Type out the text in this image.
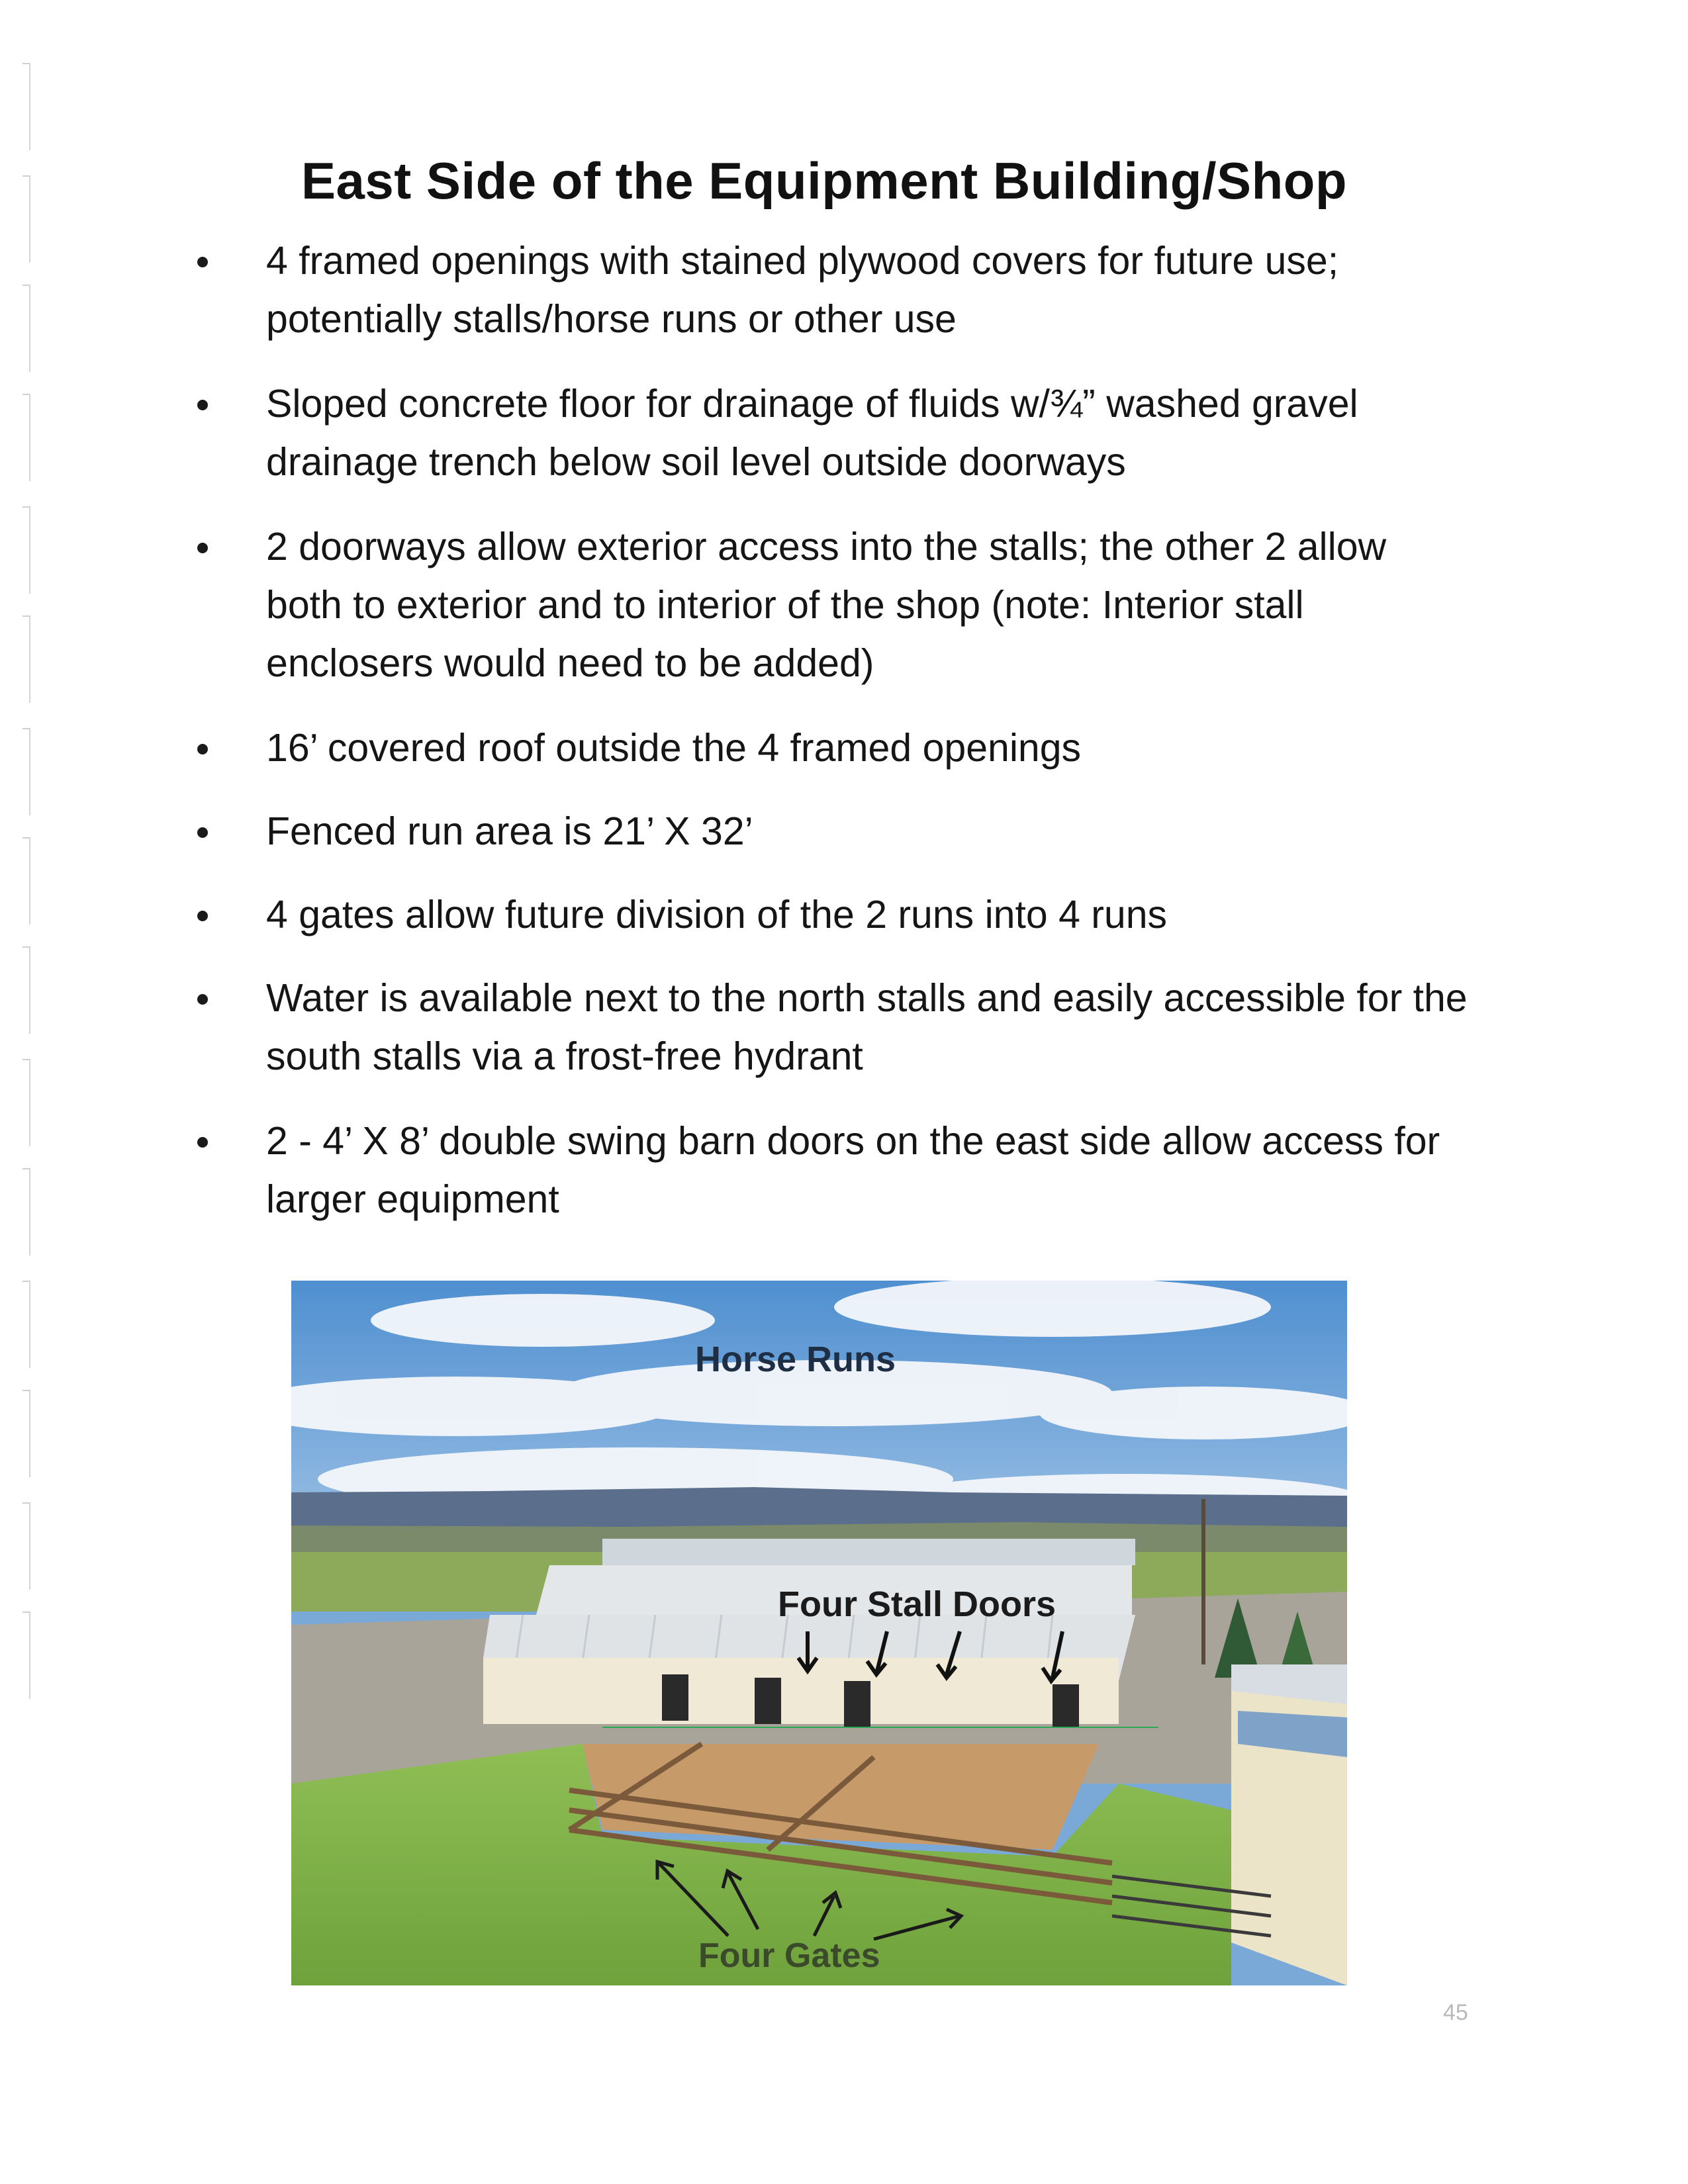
East Side of the Equipment Building/Shop
4 framed openings with stained plywood covers for future use; potentially stalls/horse runs or other use
Sloped concrete floor for drainage of fluids w/¾” washed gravel drainage trench below soil level outside doorways
2 doorways allow exterior access into the stalls; the other 2 allow both to exterior and to interior of the shop (note: Interior stall enclosers would need to be added)
16’ covered roof outside the 4 framed openings
Fenced run area is 21’ X 32’
4 gates allow future division of the 2 runs into 4 runs
Water is available next to the north stalls and easily accessible for the south stalls via a frost-free hydrant
2 - 4’ X 8’ double swing barn doors on the east side allow access for larger equipment
Horse Runs
Four Stall Doors
Four Gates
45
